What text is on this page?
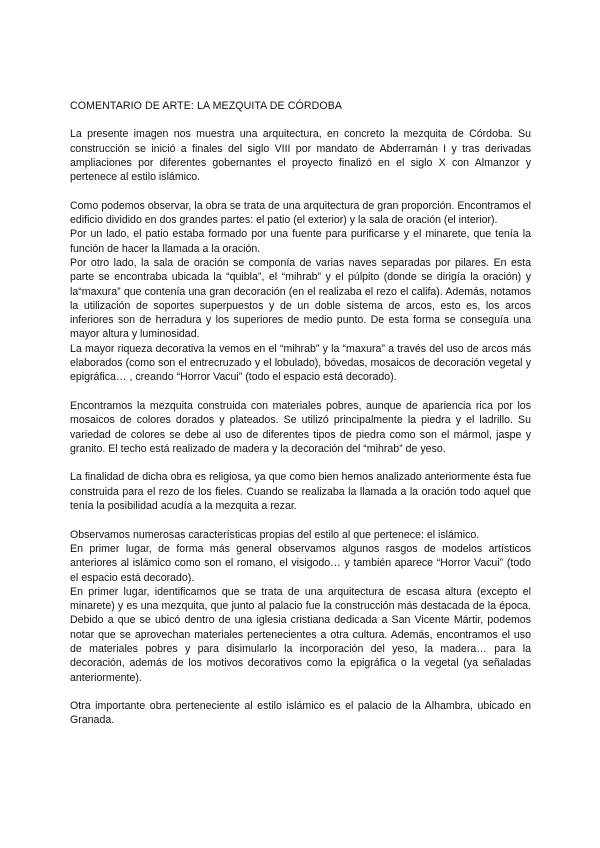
COMENTARIO DE ARTE: LA MEZQUITA DE CÓRDOBA
La presente imagen nos muestra una arquitectura, en concreto la mezquita de Córdoba. Su construcción se inició a finales del siglo VIII por mandato de Abderramán I y tras derivadas ampliaciones por diferentes gobernantes el proyecto finalizó en el siglo X con Almanzor y pertenece al estilo islámico.
Como podemos observar, la obra se trata de una arquitectura de gran proporción. Encontramos el edificio dividido en dos grandes partes: el patio (el exterior) y la sala de oración (el interior).
Por un lado, el patio estaba formado por una fuente para purificarse y el minarete, que tenía la función de hacer la llamada a la oración.
Por otro lado, la sala de oración se componía de varias naves separadas por pilares. En esta parte se encontraba ubicada la “quibla”, el “mihrab” y el púlpito (donde se dirigía la oración) y la“maxura” que contenía una gran decoración (en el realizaba el rezo el califa). Además, notamos la utilización de soportes superpuestos y de un doble sistema de arcos, esto es, los arcos inferiores son de herradura y los superiores de medio punto. De esta forma se conseguía una mayor altura y luminosidad.
La mayor riqueza decorativa la vemos en el “mihrab” y la “maxura” a través del uso de arcos más elaborados (como son el entrecruzado y el lobulado), bóvedas, mosaicos de decoración vegetal y epigráfica… , creando “Horror Vacui” (todo el espacio está decorado).
Encontramos la mezquita construida con materiales pobres, aunque de apariencia rica por los mosaicos de colores dorados y plateados. Se utilizó principalmente la piedra y el ladrillo. Su variedad de colores se debe al uso de diferentes tipos de piedra como son el mármol, jaspe y granito. El techo está realizado de madera y la decoración del “mihrab” de yeso.
La finalidad de dicha obra es religiosa, ya que como bien hemos analizado anteriormente ésta fue construida para el rezo de los fieles. Cuando se realizaba la llamada a la oración todo aquel que tenía la posibilidad acudía a la mezquita a rezar.
Observamos numerosas características propias del estilo al que pertenece: el islámico.
En primer lugar, de forma más general observamos algunos rasgos de modelos artísticos anteriores al islámico como son el romano, el visigodo… y también aparece “Horror Vacui” (todo el espacio está decorado).
En primer lugar, identificamos que se trata de una arquitectura de escasa altura (excepto el minarete) y es una mezquita, que junto al palacio fue la construcción más destacada de la época. Debido a que se ubicó dentro de una iglesia cristiana dedicada a San Vicente Mártir, podemos notar que se aprovechan materiales pertenecientes a otra cultura. Además, encontramos el uso de materiales pobres y para disimularlo la incorporación del yeso, la madera… para la decoración, además de los motivos decorativos como la epigráfica o la vegetal (ya señaladas anteriormente).
Otra importante obra perteneciente al estilo islámico es el palacio de la Alhambra, ubicado en Granada.
